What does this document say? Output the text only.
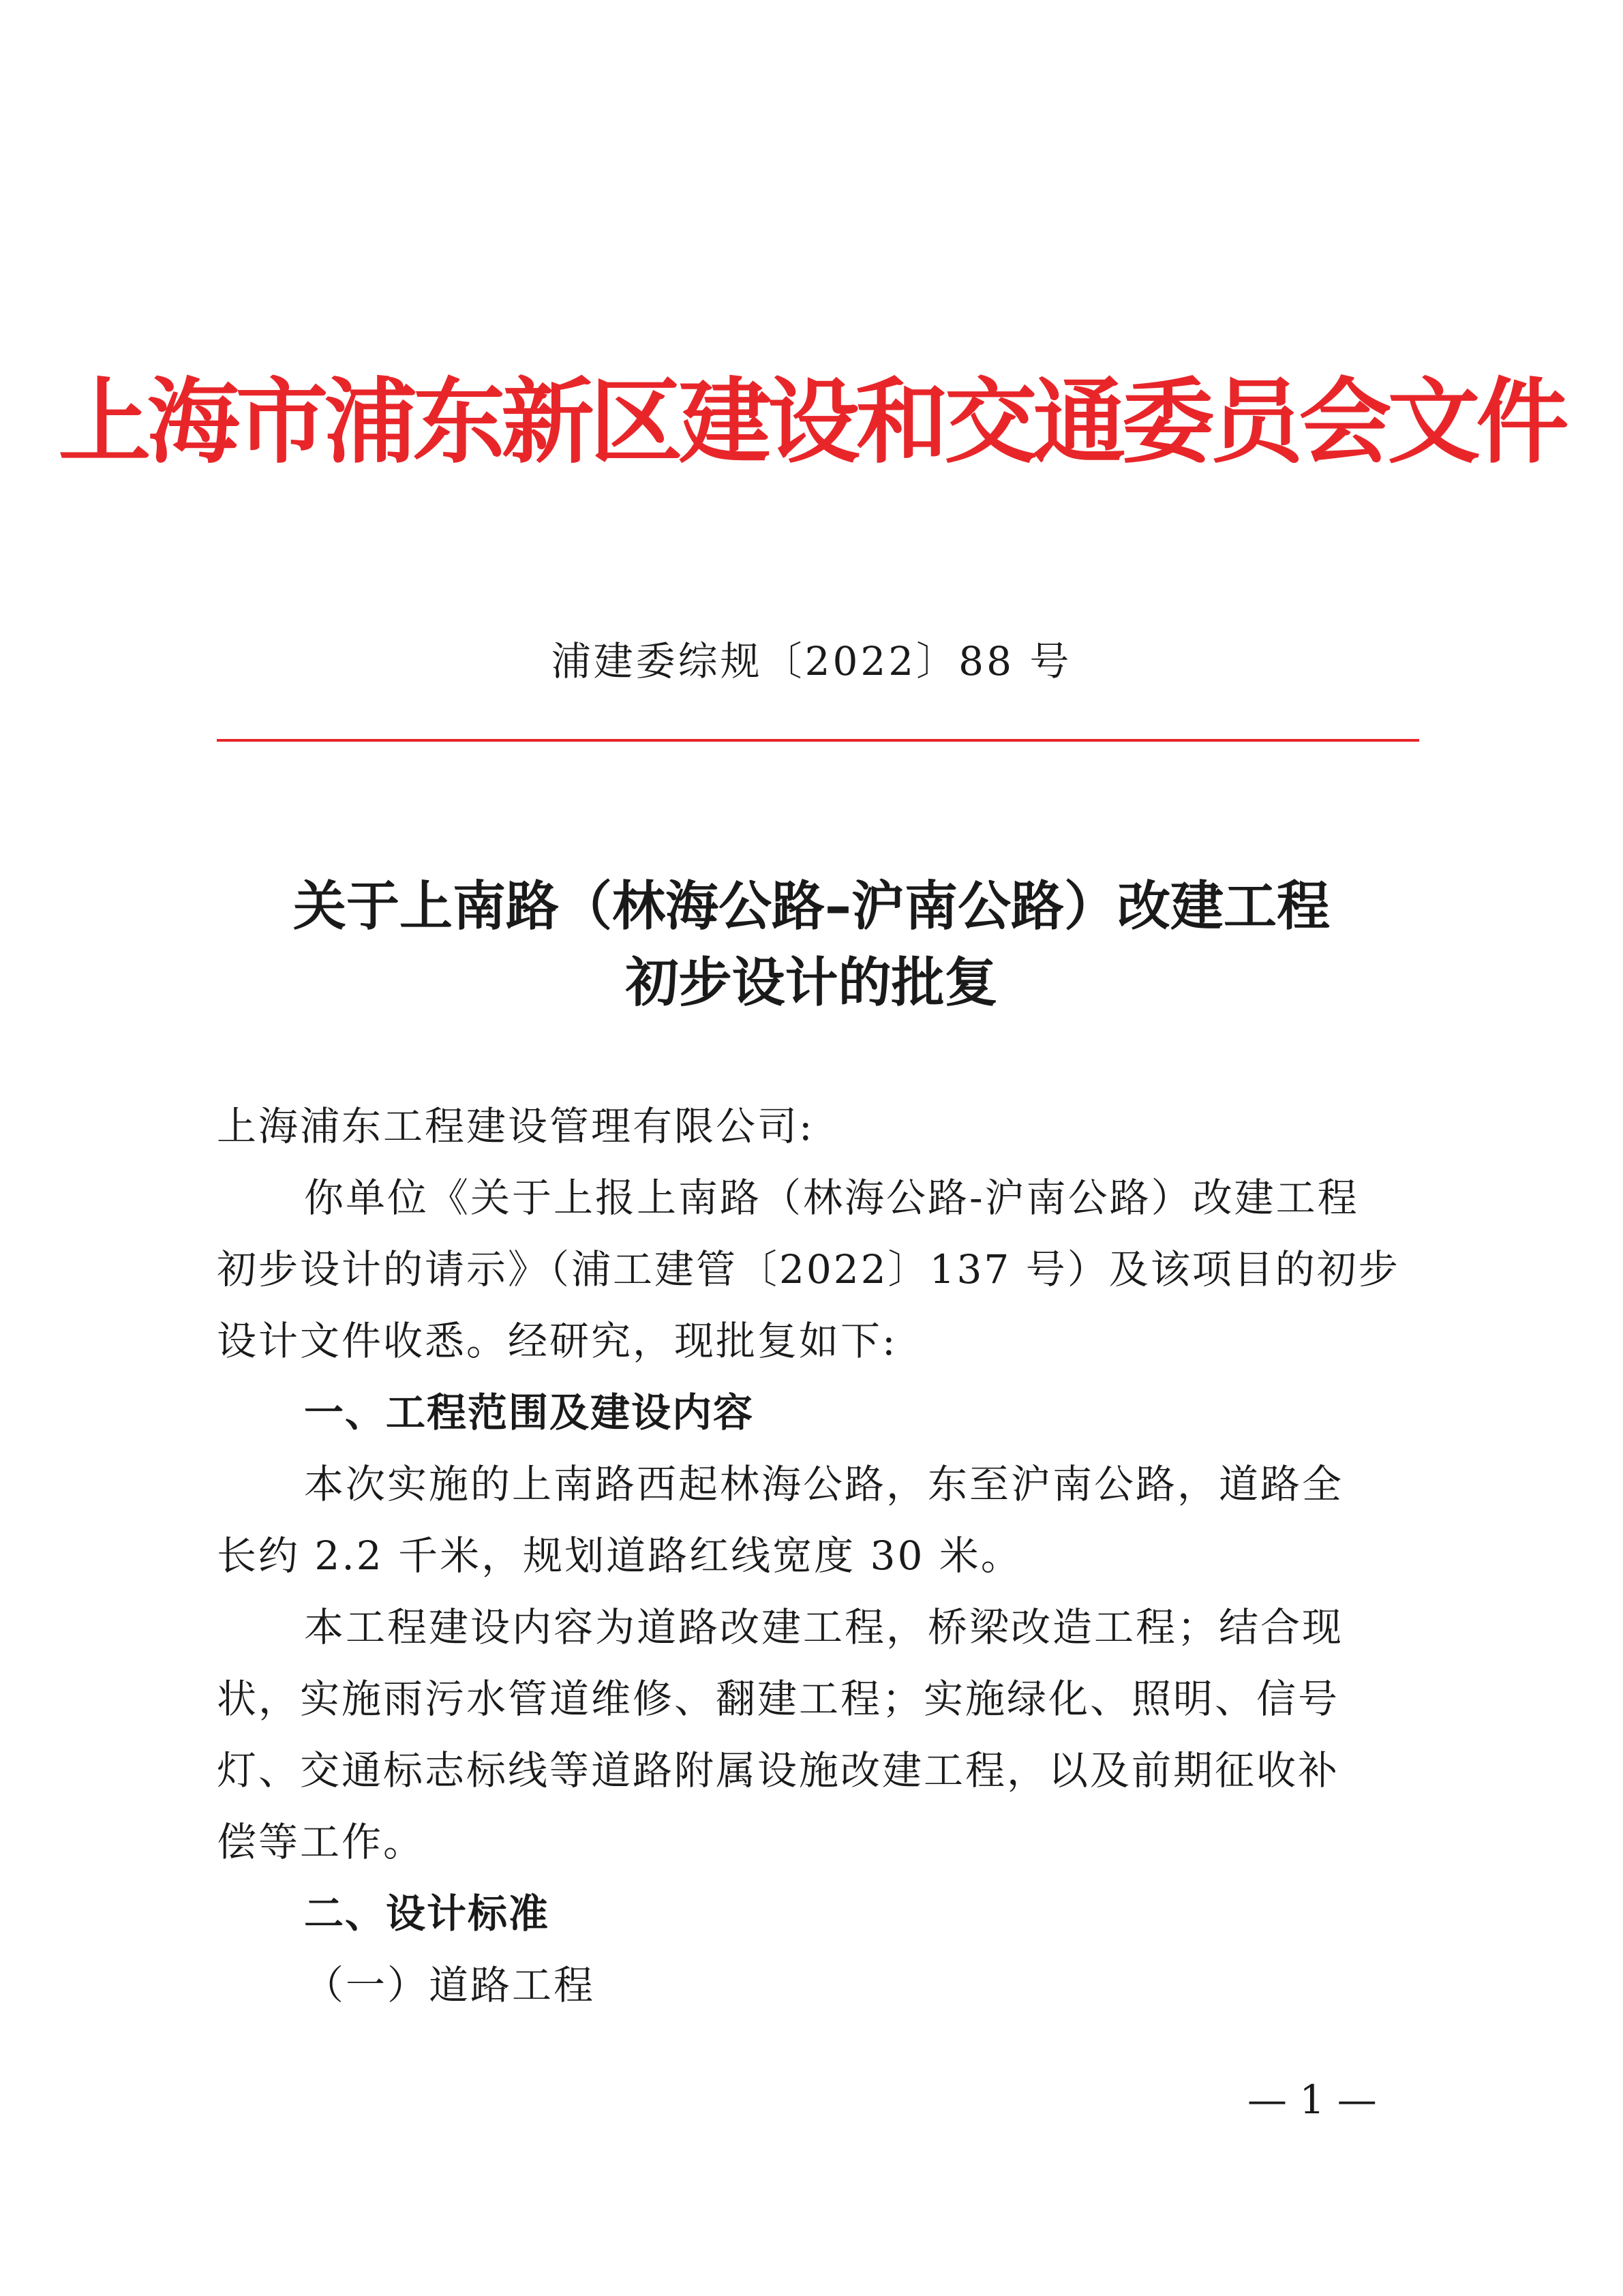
上海市浦东新区建设和交通委员会文件
浦建委综规〔2022〕88 号
关于上南路（林海公路–沪南公路）改建工程
初步设计的批复
上海浦东工程建设管理有限公司:
你单位《关于上报上南路（林海公路-沪南公路）改建工程
初步设计的请示》（浦工建管〔2022〕137 号）及该项目的初步
设计文件收悉。经研究，现批复如下:
一、工程范围及建设内容
本次实施的上南路西起林海公路，东至沪南公路，道路全
长约 2.2 千米，规划道路红线宽度 30 米。
本工程建设内容为道路改建工程，桥梁改造工程；结合现
状，实施雨污水管道维修、翻建工程；实施绿化、照明、信号
灯、交通标志标线等道路附属设施改建工程，以及前期征收补
偿等工作。
二、设计标准
（一）道路工程
— 1 —
